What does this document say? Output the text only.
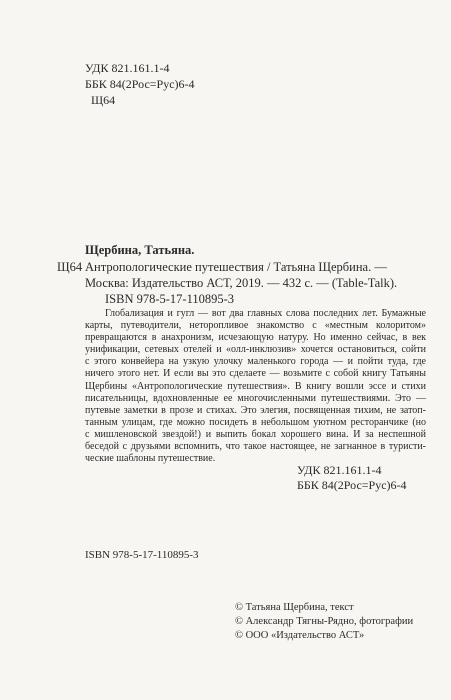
УДК 821.161.1-4
ББК 84(2Рос=Рус)6-4
Щ64
Щербина, Татьяна.
Щ64 Антропологические путешествия / Татьяна Щербина. —
Москва: Издательство АСТ, 2019. — 432 с. — (Table-Talk).
ISBN 978-5-17-110895-3
Глобализация и гугл — вот два главных слова последних лет. Бумажные
карты, путеводители, неторопливое знакомство с «местным колоритом»
превращаются в анахронизм, исчезающую натуру. Но именно сейчас, в век
унификации, сетевых отелей и «олл-инклюзив» хочется остановиться, сойти
с этого конвейера на узкую улочку маленького города — и пойти туда, где
ничего этого нет. И если вы это сделаете — возьмите с собой книгу Татьяны
Щербины «Антропологические путешествия». В книгу вошли эссе и стихи
писательницы, вдохновленные ее многочисленными путешествиями. Это —
путевые заметки в прозе и стихах. Это элегия, посвященная тихим, не затоп-
танным улицам, где можно посидеть в небольшом уютном ресторанчике (но
с мишленовской звездой!) и выпить бокал хорошего вина. И за неспешной
беседой с друзьями вспомнить, что такое настоящее, не загнанное в туристи-
ческие шаблоны путешествие.
УДК 821.161.1-4
ББК 84(2Рос=Рус)6-4
ISBN 978-5-17-110895-3
© Татьяна Щербина, текст
© Александр Тягны-Рядно, фотографии
© ООО «Издательство АСТ»
